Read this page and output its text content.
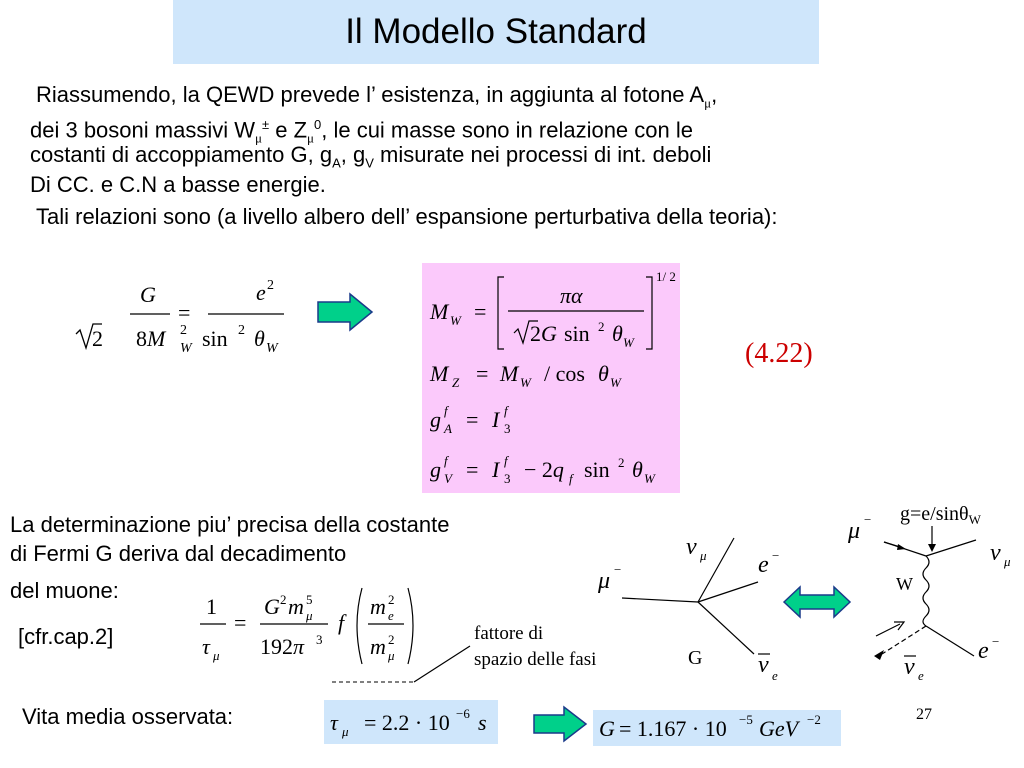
Il Modello Standard
Riassumendo, la QEWD prevede l’ esistenza, in aggiunta al fotone $A_\mu$,
dei 3 bosoni massivi $W_\mu^\pm$ e $Z_\mu^0$, le cui masse sono in relazione con le
costanti di accoppiamento G, $g_A$, $g_V$ misurate nei processi di int. deboli
Di CC. e C.N a basse energie.
Tali relazioni sono (a livello albero dell’ espansione perturbativa della teoria):
G
2
=
e 2
8M 2
W sin 2 θ W
M W =
πα
2G sin 2 θ W
1/ 2
M Z = M W / cos θ W
g f
A = I f
3
g f
V = I f
3 − 2q f sin 2 θ W
(4.22)
La determinazione piu’ precisa della costante
di Fermi G deriva dal decadimento
del muone:
[cfr.cap.2]
1
τ μ
=
G 2 m 5
μ
192π 3
f
m 2
e
m 2
μ
fattore di
spazio delle fasi
μ −
ν μ e −
ν e
G
g=e/sinθ$_W$
μ −
ν μ
e −
ν e
W
Vita media osservata:	τ μ = 2.2 · 10 −6 s	G = 1.167 · 10 −5 GeV −2	27
